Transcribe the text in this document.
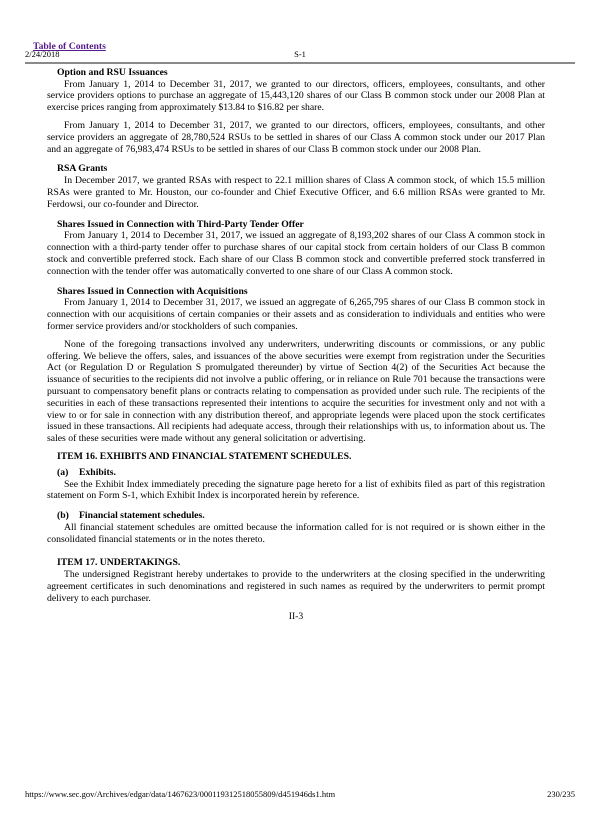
2/24/2018	S-1
Table of Contents
Option and RSU Issuances

From January 1, 2014 to December 31, 2017, we granted to our directors, officers, employees, consultants, and other service providers options to purchase an aggregate of 15,443,120 shares of our Class B common stock under our 2008 Plan at exercise prices ranging from approximately $13.84 to $16.82 per share.

From January 1, 2014 to December 31, 2017, we granted to our directors, officers, employees, consultants, and other service providers an aggregate of 28,780,524 RSUs to be settled in shares of our Class A common stock under our 2017 Plan and an aggregate of 76,983,474 RSUs to be settled in shares of our Class B common stock under our 2008 Plan.

RSA Grants

In December 2017, we granted RSAs with respect to 22.1 million shares of Class A common stock, of which 15.5 million RSAs were granted to Mr. Houston, our co-founder and Chief Executive Officer, and 6.6 million RSAs were granted to Mr. Ferdowsi, our co-founder and Director.

Shares Issued in Connection with Third-Party Tender Offer

From January 1, 2014 to December 31, 2017, we issued an aggregate of 8,193,202 shares of our Class A common stock in connection with a third-party tender offer to purchase shares of our capital stock from certain holders of our Class B common stock and convertible preferred stock. Each share of our Class B common stock and convertible preferred stock transferred in connection with the tender offer was automatically converted to one share of our Class A common stock.

Shares Issued in Connection with Acquisitions

From January 1, 2014 to December 31, 2017, we issued an aggregate of 6,265,795 shares of our Class B common stock in connection with our acquisitions of certain companies or their assets and as consideration to individuals and entities who were former service providers and/or stockholders of such companies.

None of the foregoing transactions involved any underwriters, underwriting discounts or commissions, or any public offering. We believe the offers, sales, and issuances of the above securities were exempt from registration under the Securities Act (or Regulation D or Regulation S promulgated thereunder) by virtue of Section 4(2) of the Securities Act because the issuance of securities to the recipients did not involve a public offering, or in reliance on Rule 701 because the transactions were pursuant to compensatory benefit plans or contracts relating to compensation as provided under such rule. The recipients of the securities in each of these transactions represented their intentions to acquire the securities for investment only and not with a view to or for sale in connection with any distribution thereof, and appropriate legends were placed upon the stock certificates issued in these transactions. All recipients had adequate access, through their relationships with us, to information about us. The sales of these securities were made without any general solicitation or advertising.

ITEM 16. EXHIBITS AND FINANCIAL STATEMENT SCHEDULES.
(a) Exhibits.

See the Exhibit Index immediately preceding the signature page hereto for a list of exhibits filed as part of this registration statement on Form S-1, which Exhibit Index is incorporated herein by reference.

(b) Financial statement schedules.

All financial statement schedules are omitted because the information called for is not required or is shown either in the consolidated financial statements or in the notes thereto.

ITEM 17. UNDERTAKINGS.

The undersigned Registrant hereby undertakes to provide to the underwriters at the closing specified in the underwriting agreement certificates in such denominations and registered in such names as required by the underwriters to permit prompt delivery to each purchaser.

II-3

https://www.sec.gov/Archives/edgar/data/1467623/000119312518055809/d451946ds1.htm	230/235
